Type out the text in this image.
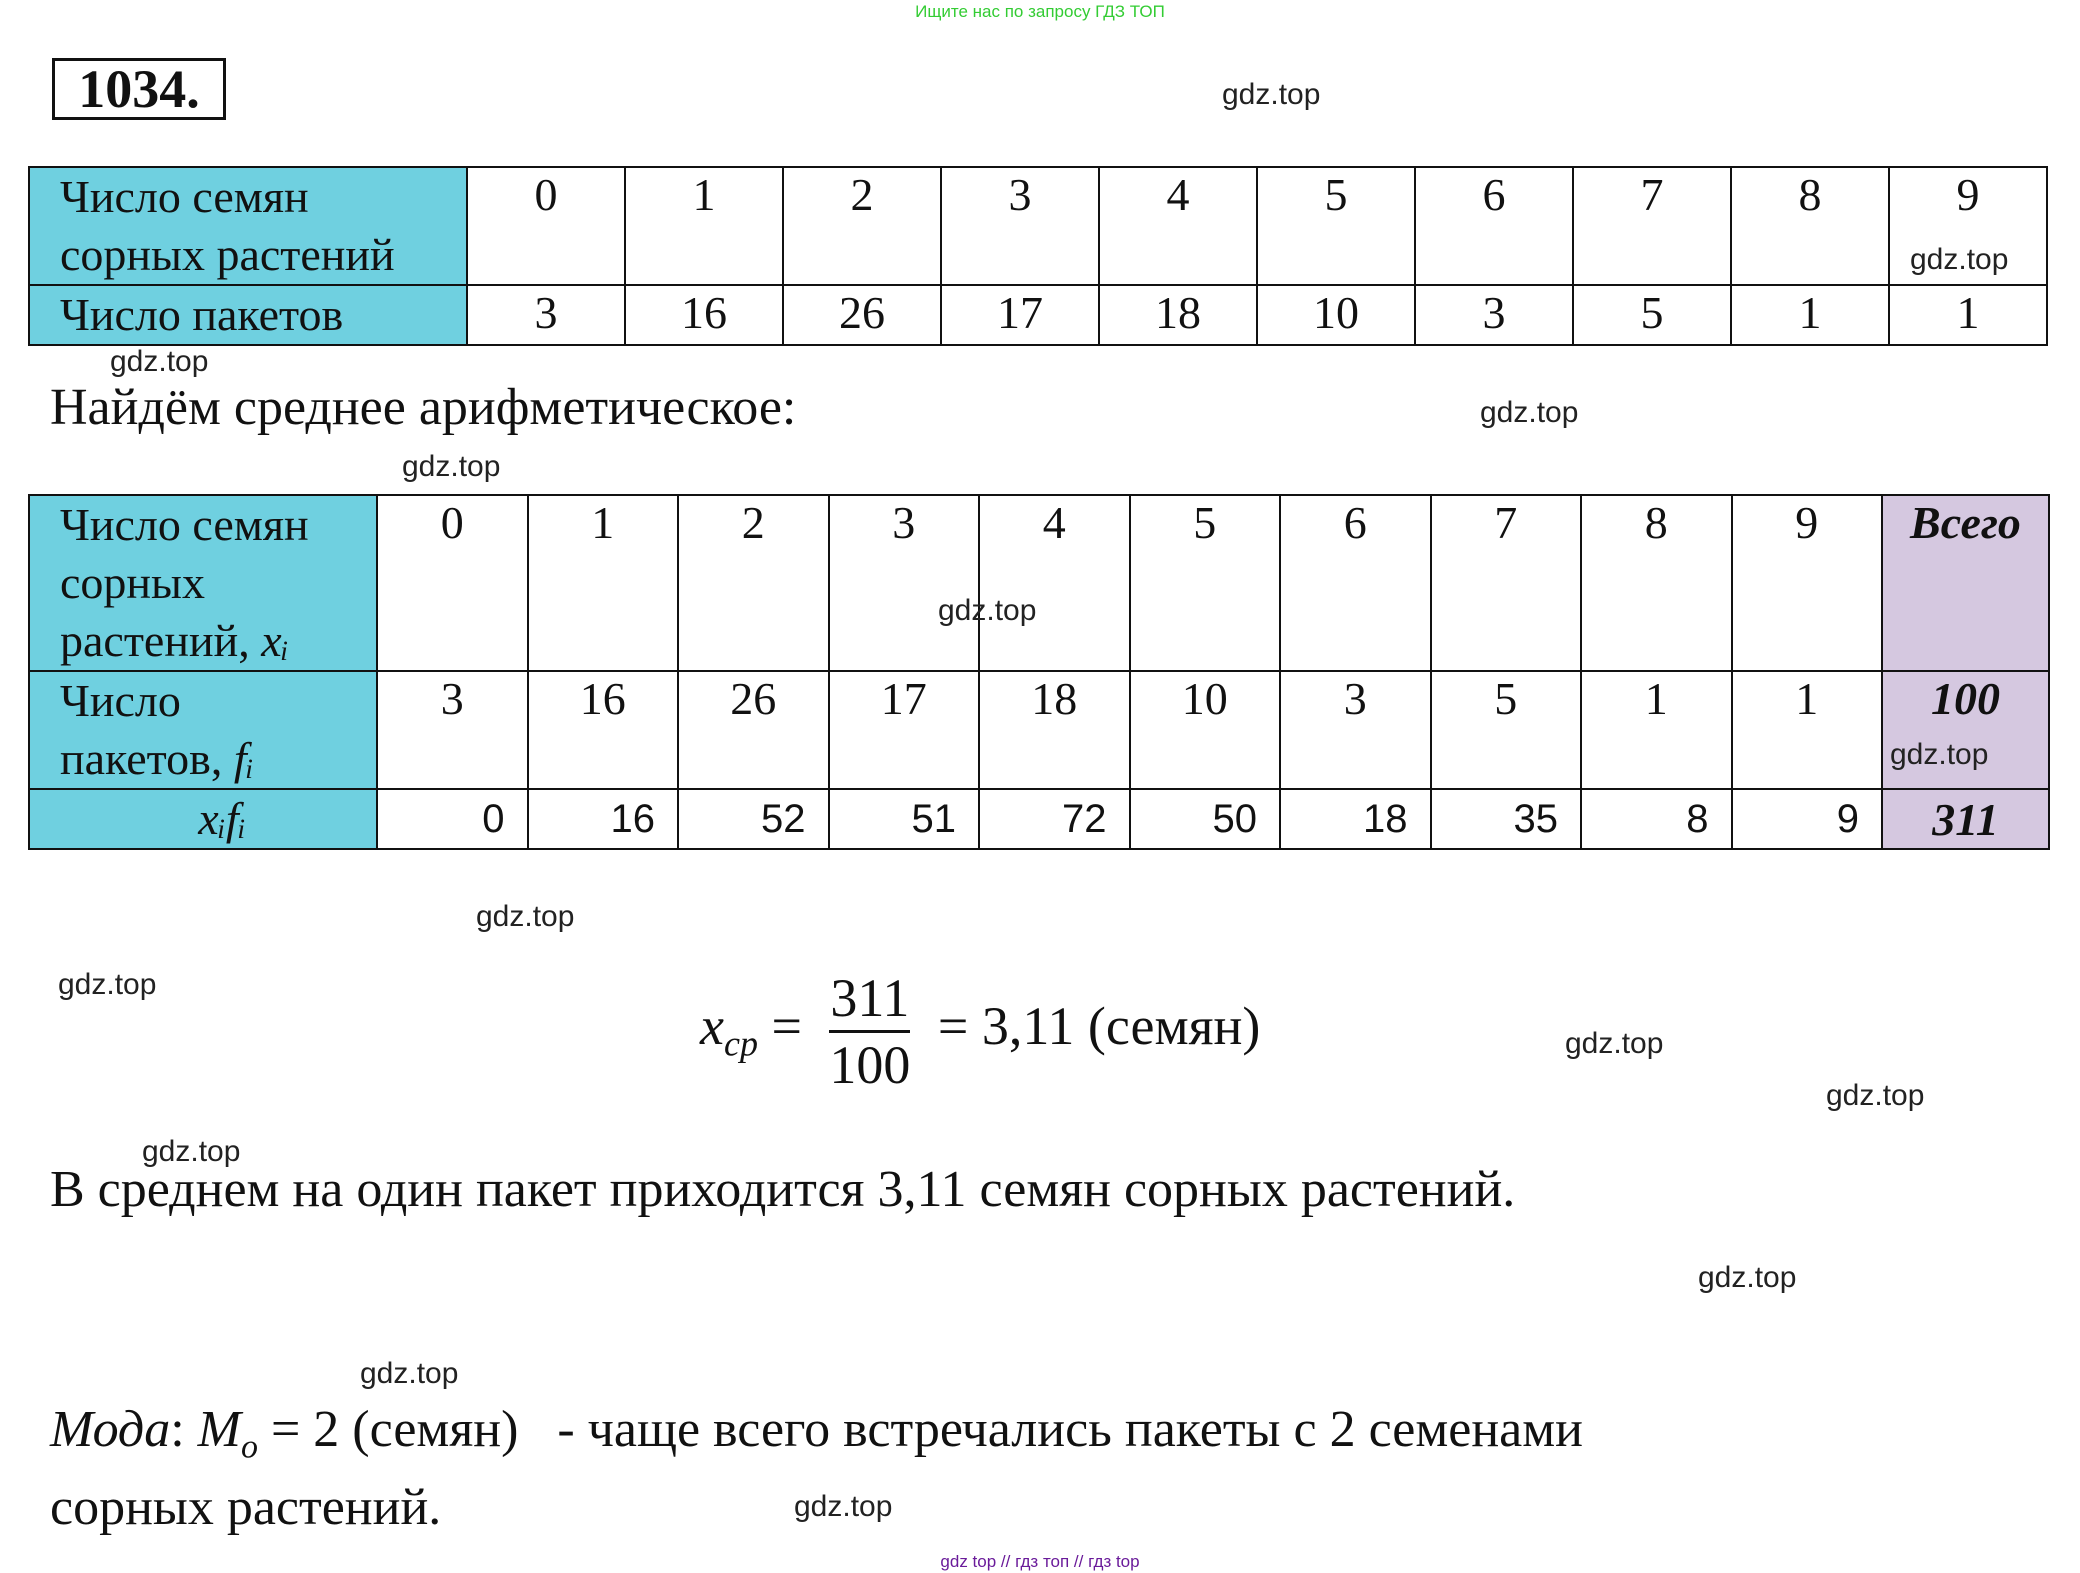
Ищите нас по запросу ГДЗ ТОП
1034.
Число семян
сорных растений	0	1	2	3	4	5	6	7	8	9
Число пакетов	3	16	26	17	18	10	3	5	1	1
Найдём среднее арифметическое:
Число семян
сорных
растений, xᵢ	0	1	2	3	4	5	6	7	8	9	Всего

Число
пакетов, fᵢ	3	16	26	17	18	10	3	5	1	1	100
xᵢfᵢ	0	16	52	51	72	50	18	35	8	9	311
$x_{cp} = \frac{311}{100} = 3,11$ (семян)
В среднем на один пакет приходится 3,11 семян сорных растений.
Мода: $M_o = 2$ (семян) - чаще всего встречались пакеты с 2 семенами
сорных растений.
gdz.top
gdz.top
gdz.top
gdz.top
gdz.top
gdz.top
gdz.top
gdz.top
gdz.top
gdz.top
gdz.top
gdz.top
gdz.top
gdz.top
gdz.top
gdz top // гдз топ // гдз top
